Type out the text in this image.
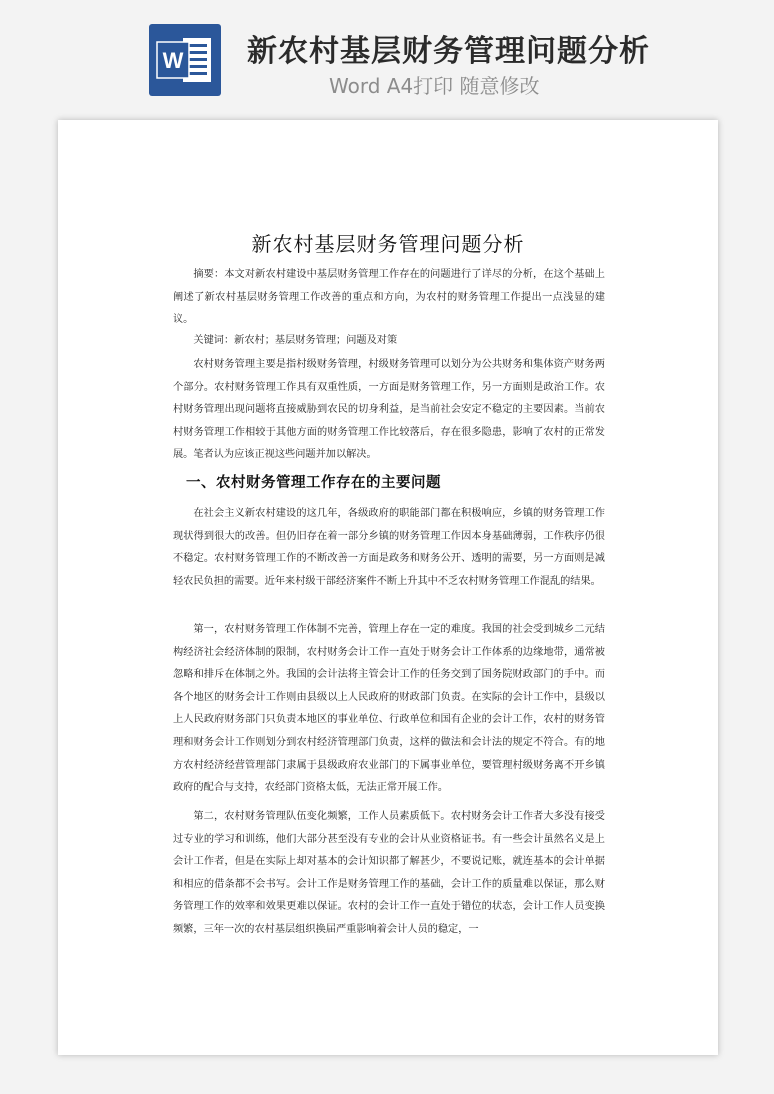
W 新农村基层财务管理问题分析
Word A4打印 随意修改
新农村基层财务管理问题分析

摘要：本文对新农村建设中基层财务管理工作存在的问题进行了详尽的分析，在这个基础上阐述了新农村基层财务管理工作改善的重点和方向，为农村的财务管理工作提出一点浅显的建议。

关键词：新农村；基层财务管理；问题及对策

农村财务管理主要是指村级财务管理，村级财务管理可以划分为公共财务和集体资产财务两个部分。农村财务管理工作具有双重性质，一方面是财务管理工作，另一方面则是政治工作。农村财务管理出现问题将直接威胁到农民的切身利益，是当前社会安定不稳定的主要因素。当前农村财务管理工作相较于其他方面的财务管理工作比较落后，存在很多隐患，影响了农村的正常发展。笔者认为应该正视这些问题并加以解决。

一、农村财务管理工作存在的主要问题

在社会主义新农村建设的这几年，各级政府的职能部门都在积极响应，乡镇的财务管理工作现状得到很大的改善。但仍旧存在着一部分乡镇的财务管理工作因本身基础薄弱，工作秩序仍很不稳定。农村财务管理工作的不断改善一方面是政务和财务公开、透明的需要，另一方面则是减轻农民负担的需要。近年来村级干部经济案件不断上升其中不乏农村财务管理工作混乱的结果。

第一，农村财务管理工作体制不完善，管理上存在一定的难度。我国的社会受到城乡二元结构经济社会经济体制的限制，农村财务会计工作一直处于财务会计工作体系的边缘地带，通常被忽略和排斥在体制之外。我国的会计法将主管会计工作的任务交到了国务院财政部门的手中。而各个地区的财务会计工作则由县级以上人民政府的财政部门负责。在实际的会计工作中，县级以上人民政府财务部门只负责本地区的事业单位、行政单位和国有企业的会计工作，农村的财务管理和财务会计工作则划分到农村经济管理部门负责，这样的做法和会计法的规定不符合。有的地方农村经济经营管理部门隶属于县级政府农业部门的下属事业单位，要管理村级财务离不开乡镇政府的配合与支持，农经部门资格太低，无法正常开展工作。

第二，农村财务管理队伍变化频繁，工作人员素质低下。农村财务会计工作者大多没有接受过专业的学习和训练，他们大部分甚至没有专业的会计从业资格证书。有一些会计虽然名义是上会计工作者，但是在实际上却对基本的会计知识都了解甚少，不要说记账，就连基本的会计单据和相应的借条都不会书写。会计工作是财务管理工作的基础，会计工作的质量难以保证，那么财务管理工作的效率和效果更难以保证。农村的会计工作一直处于错位的状态，会计工作人员变换频繁，三年一次的农村基层组织换届严重影响着会计人员的稳定，一
